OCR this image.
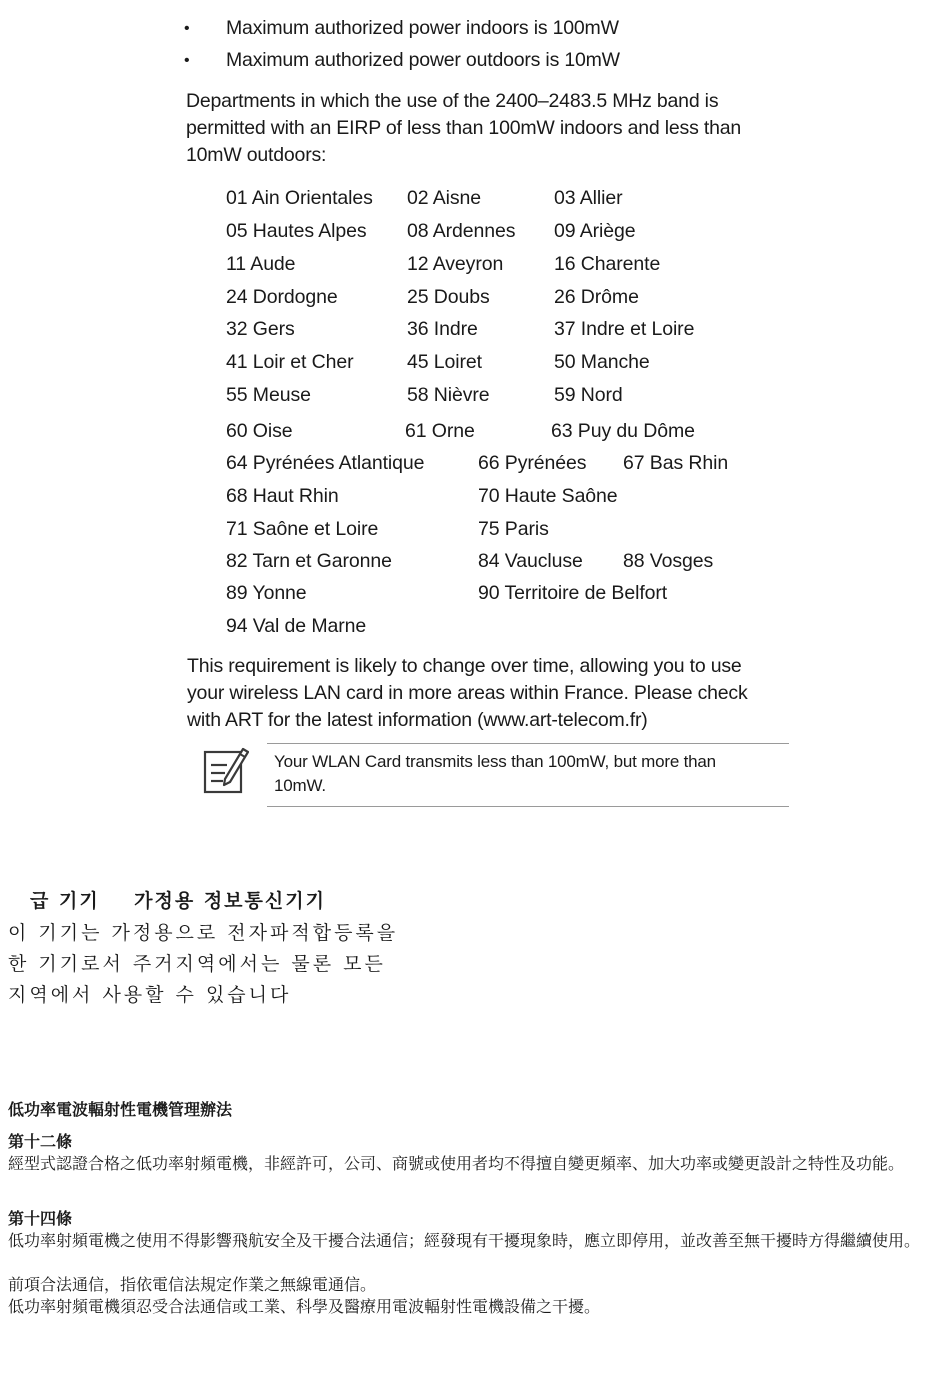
• Maximum authorized power indoors is 100mW
• Maximum authorized power outdoors is 10mW
Departments in which the use of the 2400–2483.5 MHz band is
permitted with an EIRP of less than 100mW indoors and less than
10mW outdoors:
01 Ain Orientales 02 Aisne	03 Allier
05 Hautes Alpes 08 Ardennes 09 Ariège
11 Aude	12 Aveyron	16 Charente
24 Dordogne	25 Doubs	26 Drôme
32 Gers	36 Indre	37 Indre et Loire
41 Loir et Cher	45 Loiret	50 Manche
55 Meuse	58 Nièvre	59 Nord
60 Oise	61 Orne	63 Puy du Dôme
64 Pyrénées Atlantique	66 Pyrénées 67 Bas Rhin
68 Haut Rhin	70 Haute Saône
71 Saône et Loire	75 Paris
82 Tarn et Garonne	84 Vaucluse 88 Vosges
89 Yonne	90 Territoire de Belfort
94 Val de Marne
This requirement is likely to change over time, allowing you to use
your wireless LAN card in more areas within France. Please check
with ART for the latest information (www.art-telecom.fr)
Your WLAN Card transmits less than 100mW, but more than
10mW.
급 기기    가정용 정보통신기기
이 기기는 가정용으로 전자파적합등록을
한 기기로서 주거지역에서는 물론 모든
지역에서 사용할 수 있습니다
低功率電波輻射性電機管理辦法
第十二條
經型式認證合格之低功率射頻電機，非經許可，公司、商號或使用者均不得擅自變更頻率、加大功率或變更設計之特性及功能。
第十四條
低功率射頻電機之使用不得影響飛航安全及干擾合法通信；經發現有干擾現象時，應立即停用，並改善至無干擾時方得繼續使用。
前項合法通信，指依電信法規定作業之無線電通信。
低功率射頻電機須忍受合法通信或工業、科學及醫療用電波輻射性電機設備之干擾。
